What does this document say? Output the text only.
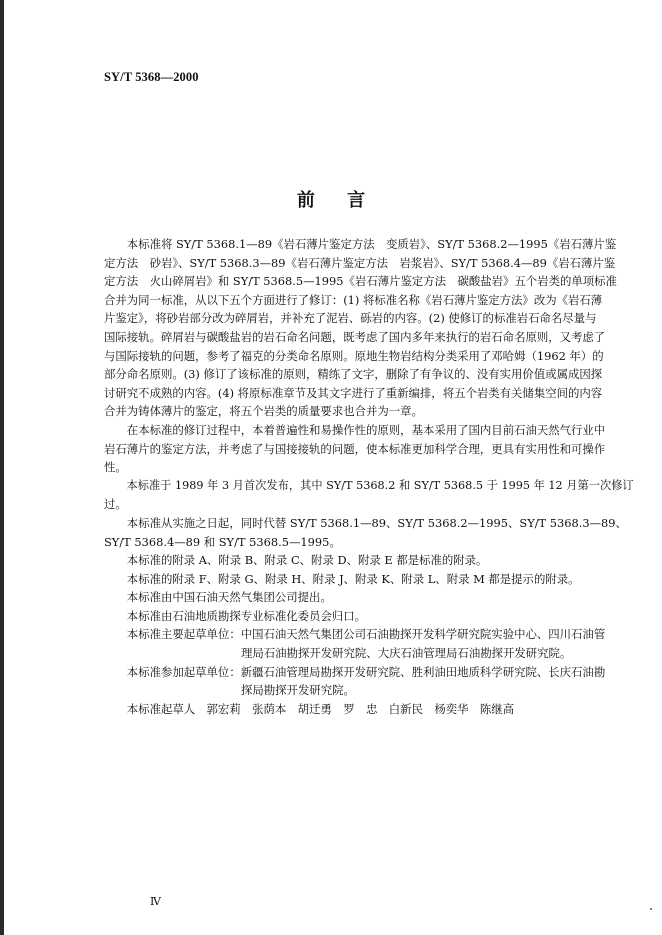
SY/T 5368—2000
前 言

本标准将 SY/T 5368.1—89《岩石薄片鉴定方法　变质岩》、SY/T 5368.2—1995《岩石薄片鉴

定方法　砂岩》、SY/T 5368.3—89《岩石薄片鉴定方法　岩浆岩》、SY/T 5368.4—89《岩石薄片鉴

定方法　火山碎屑岩》和 SY/T 5368.5—1995《岩石薄片鉴定方法　碳酸盐岩》五个岩类的单项标准

合并为同一标准，从以下五个方面进行了修订：(1) 将标准名称《岩石薄片鉴定方法》改为《岩石薄

片鉴定》，将砂岩部分改为碎屑岩，并补充了泥岩、砾岩的内容。(2) 使修订的标准岩石命名尽量与

国际接轨。碎屑岩与碳酸盐岩的岩石命名问题，既考虑了国内多年来执行的岩石命名原则，又考虑了

与国际接轨的问题，参考了福克的分类命名原则。原地生物岩结构分类采用了邓哈姆（1962 年）的

部分命名原则。(3) 修订了该标准的原则，精练了文字，删除了有争议的、没有实用价值或属成因探

讨研究不成熟的内容。(4) 将原标准章节及其文字进行了重新编排，将五个岩类有关储集空间的内容

合并为铸体薄片的鉴定，将五个岩类的质量要求也合并为一章。

在本标准的修订过程中，本着普遍性和易操作性的原则，基本采用了国内目前石油天然气行业中

岩石薄片的鉴定方法，并考虑了与国接接轨的问题，使本标准更加科学合理，更具有实用性和可操作

性。

本标准于 1989 年 3 月首次发布，其中 SY/T 5368.2 和 SY/T 5368.5 于 1995 年 12 月第一次修订

过。

本标准从实施之日起，同时代替 SY/T 5368.1—89、SY/T 5368.2—1995、SY/T 5368.3—89、

SY/T 5368.4—89 和 SY/T 5368.5—1995。

本标准的附录 A、附录 B、附录 C、附录 D、附录 E 都是标准的附录。

本标准的附录 F、附录 G、附录 H、附录 J、附录 K、附录 L、附录 M 都是提示的附录。

本标准由中国石油天然气集团公司提出。

本标准由石油地质勘探专业标准化委员会归口。

本标准主要起草单位：中国石油天然气集团公司石油勘探开发科学研究院实验中心、四川石油管

理局石油勘探开发研究院、大庆石油管理局石油勘探开发研究院。

本标准参加起草单位：新疆石油管理局勘探开发研究院、胜利油田地质科学研究院、长庆石油勘

探局勘探开发研究院。

本标准起草人　郭宏莉　张荫本　胡迁勇　罗　忠　白新民　杨奕华　陈继高

Ⅳ
